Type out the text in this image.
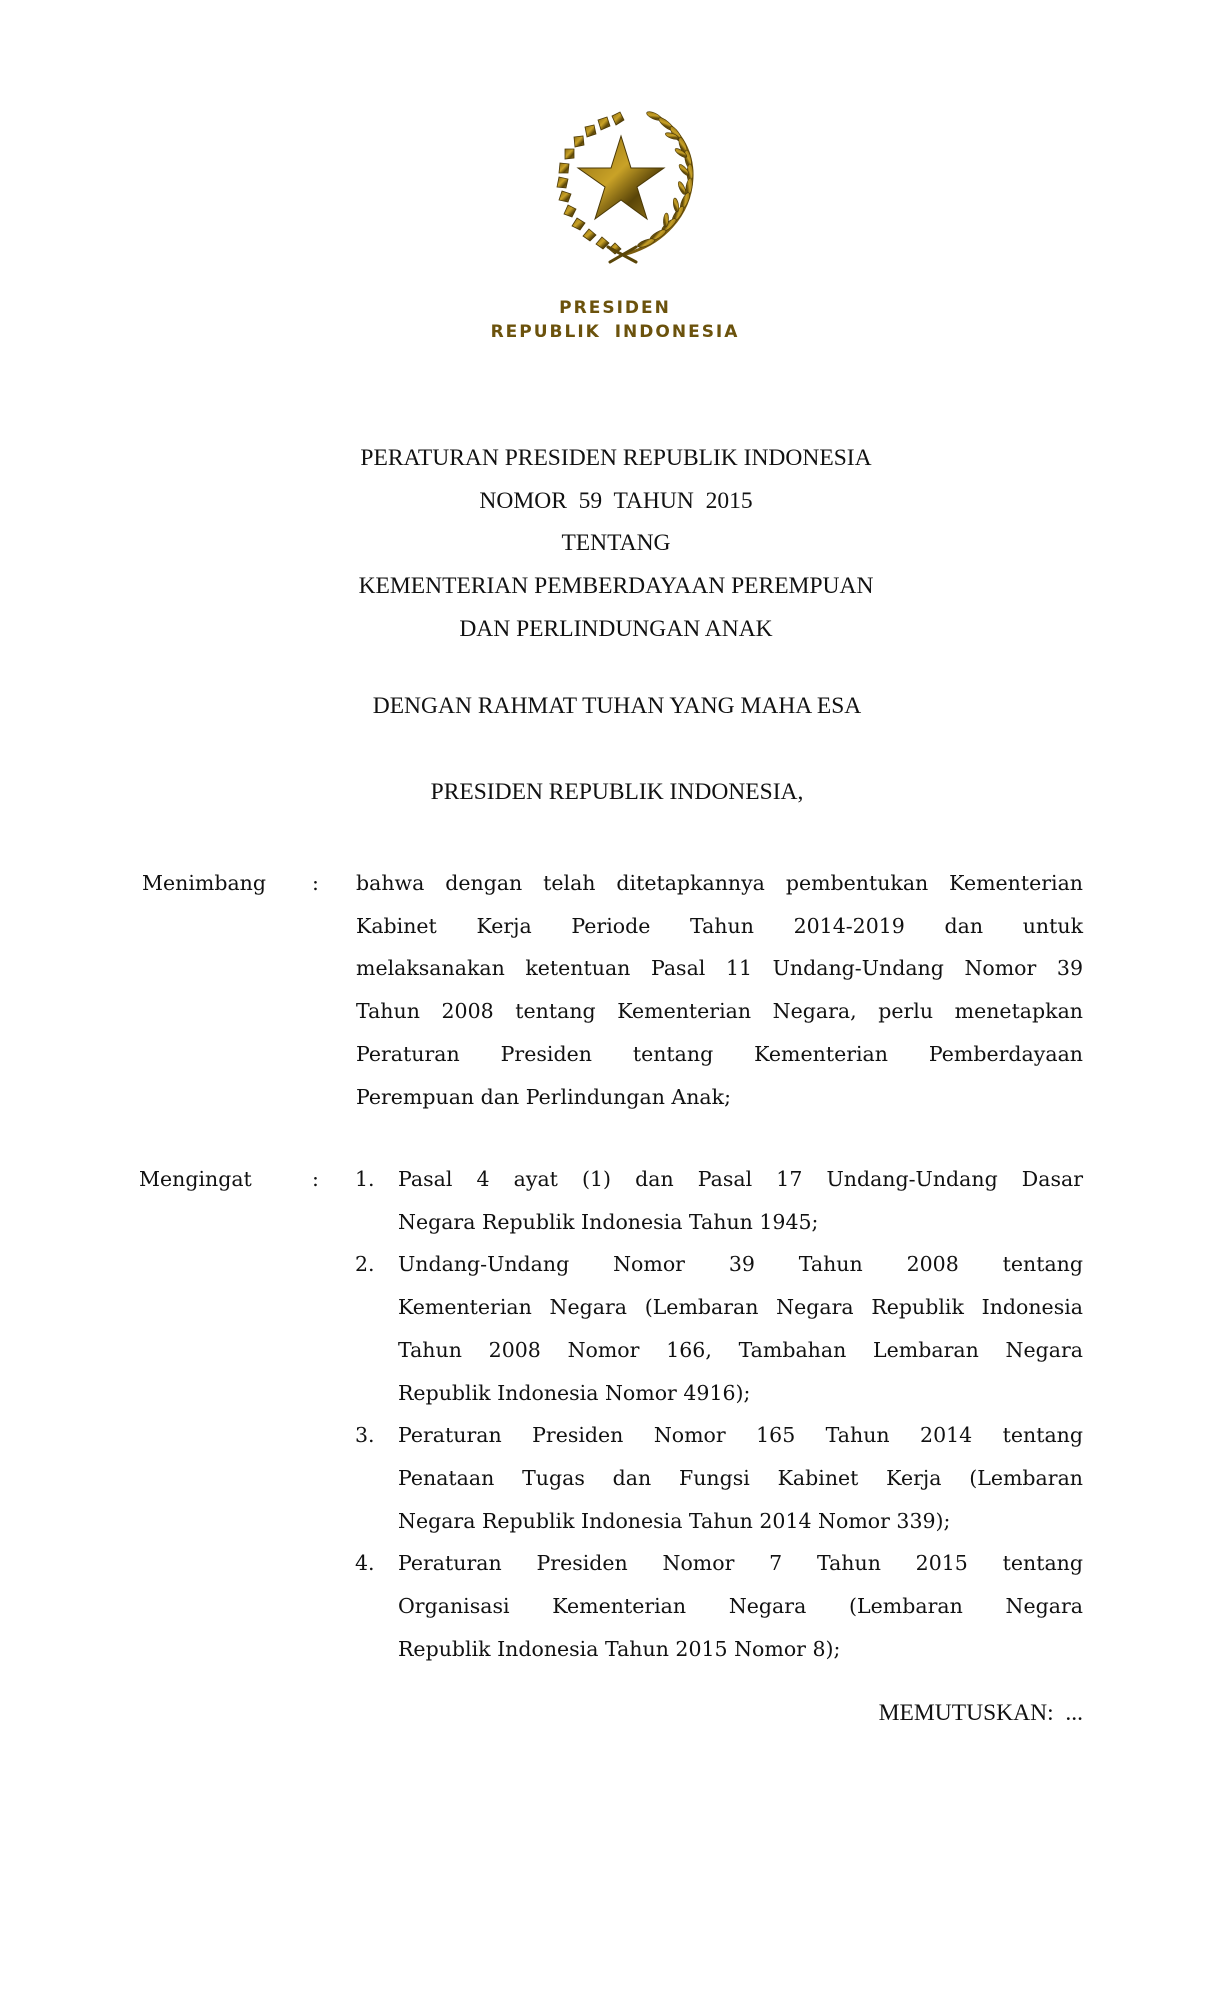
PRESIDEN
REPUBLIK INDONESIA
PERATURAN PRESIDEN REPUBLIK INDONESIA
NOMOR  59  TAHUN  2015
TENTANG
KEMENTERIAN PEMBERDAYAAN PEREMPUAN
DAN PERLINDUNGAN ANAK
DENGAN RAHMAT TUHAN YANG MAHA ESA
PRESIDEN REPUBLIK INDONESIA,
Menimbang : bahwa dengan telah ditetapkannya pembentukan Kementerian
Kabinet Kerja Periode Tahun 2014-2019 dan untuk
melaksanakan ketentuan Pasal 11 Undang-Undang Nomor 39
Tahun 2008 tentang Kementerian Negara, perlu menetapkan
Peraturan Presiden tentang Kementerian Pemberdayaan
Perempuan dan Perlindungan Anak;
Mengingat	: 1. Pasal 4 ayat (1) dan Pasal 17 Undang-Undang Dasar
Negara Republik Indonesia Tahun 1945;
2. Undang-Undang Nomor 39 Tahun 2008 tentang
Kementerian Negara (Lembaran Negara Republik Indonesia
Tahun 2008 Nomor 166, Tambahan Lembaran Negara
Republik Indonesia Nomor 4916);
3. Peraturan Presiden Nomor 165 Tahun 2014 tentang
Penataan Tugas dan Fungsi Kabinet Kerja (Lembaran
Negara Republik Indonesia Tahun 2014 Nomor 339);
4. Peraturan Presiden Nomor 7 Tahun 2015 tentang
Organisasi Kementerian Negara (Lembaran Negara
Republik Indonesia Tahun 2015 Nomor 8);
MEMUTUSKAN:  ...
